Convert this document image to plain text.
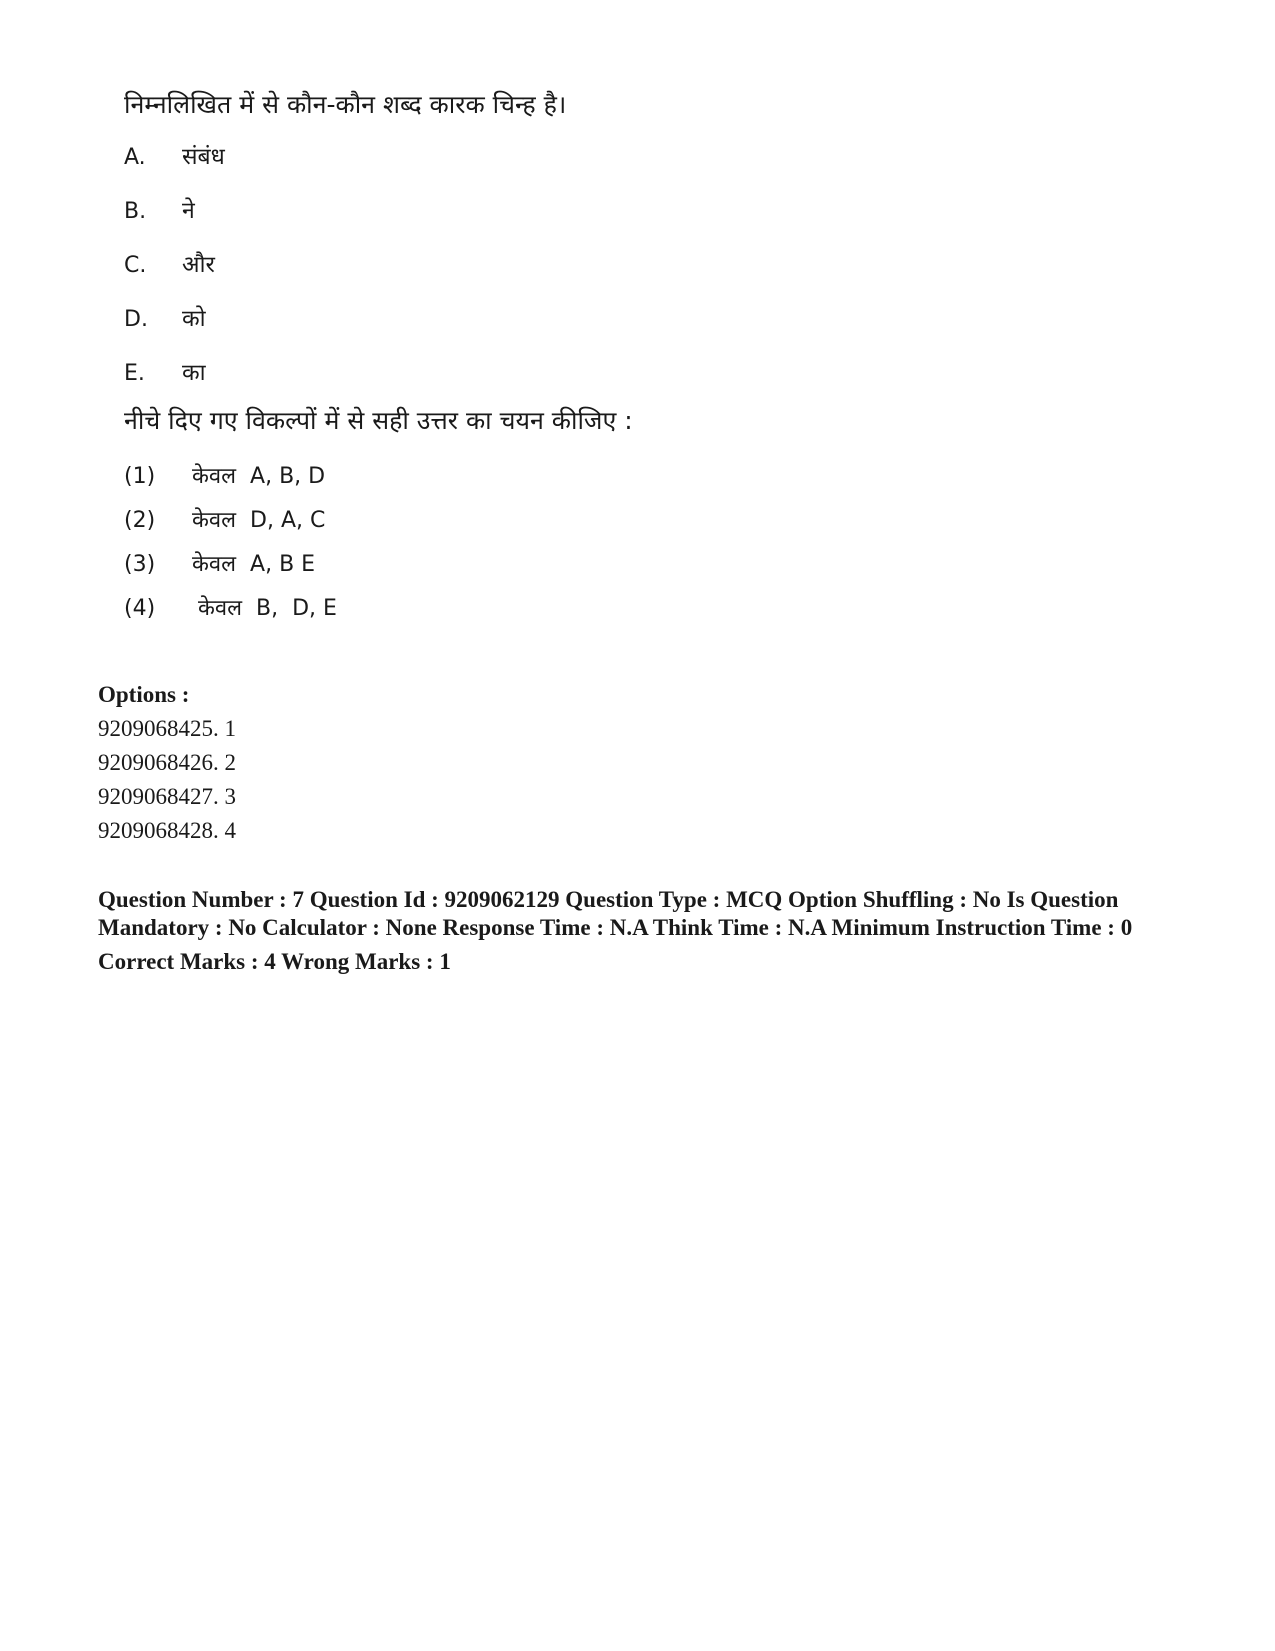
निम्नलिखित में से कौन-कौन शब्द कारक चिन्ह है।
A. संबंध
B. ने
C. और
D. को
E. का
नीचे दिए गए विकल्पों में से सही उत्तर का चयन कीजिए :
(1) केवल  A, B, D
(2) केवल  D, A, C
(3) केवल  A, B E
(4) केवल  B,  D, E
Options :
9209068425. 1
9209068426. 2
9209068427. 3
9209068428. 4
Question Number : 7 Question Id : 9209062129 Question Type : MCQ Option Shuffling : No Is Question Mandatory : No Calculator : None Response Time : N.A Think Time : N.A Minimum Instruction Time : 0
Correct Marks : 4 Wrong Marks : 1
